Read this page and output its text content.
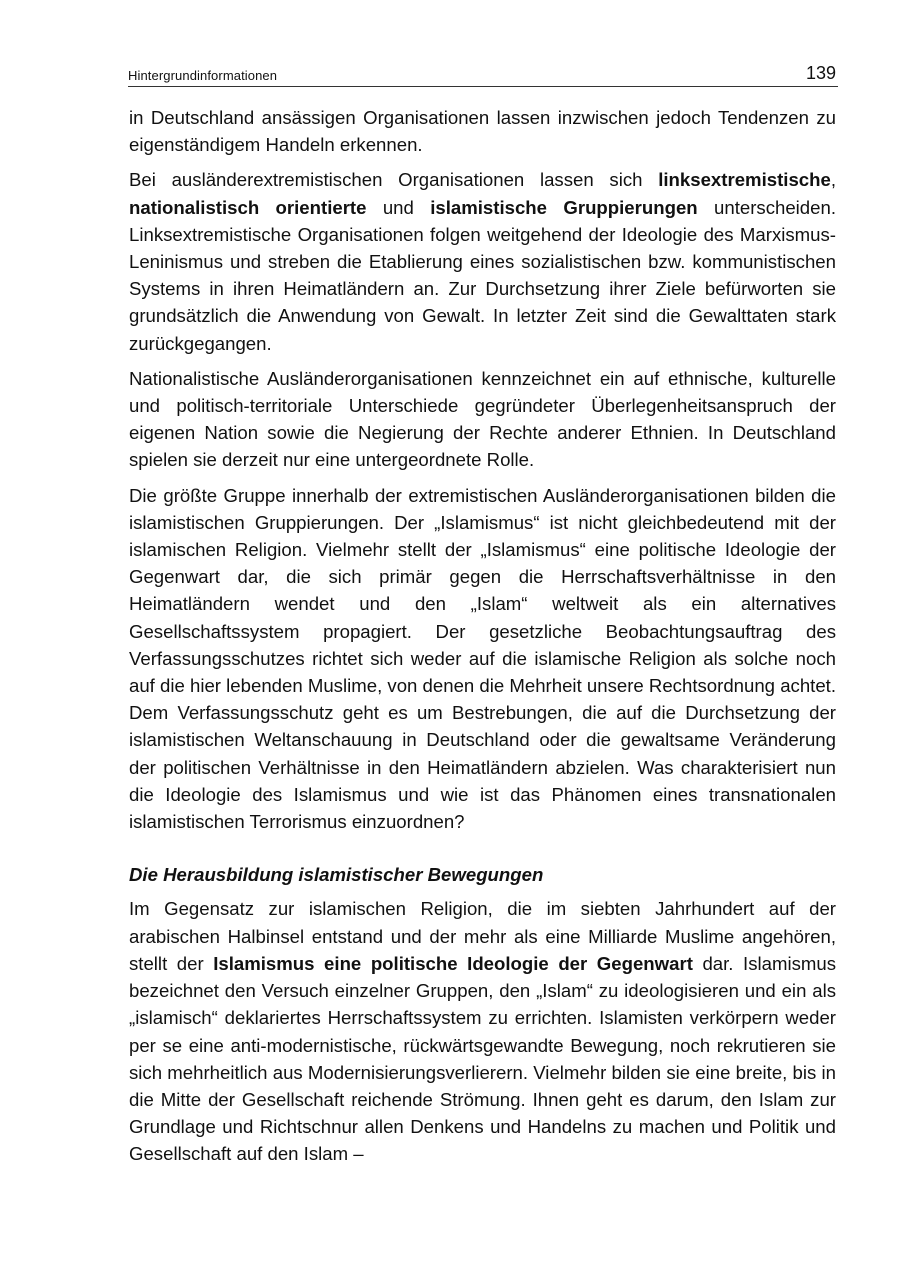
Hintergrundinformationen	139

in Deutschland ansässigen Organisationen lassen inzwischen jedoch Tendenzen zu eigenständigem Handeln erkennen.

Bei ausländerextremistischen Organisationen lassen sich linksextremistische, nationalistisch orientierte und islamistische Gruppierungen unterscheiden. Linksextremistische Organisationen folgen weitgehend der Ideologie des Marxismus-Leninismus und streben die Etablierung eines sozialistischen bzw. kommunistischen Systems in ihren Heimatländern an. Zur Durchsetzung ihrer Ziele befürworten sie grundsätzlich die Anwendung von Gewalt. In letzter Zeit sind die Gewalttaten stark zurückgegangen.

Nationalistische Ausländerorganisationen kennzeichnet ein auf ethnische, kulturelle und politisch-territoriale Unterschiede gegründeter Überlegenheitsanspruch der eigenen Nation sowie die Negierung der Rechte anderer Ethnien. In Deutschland spielen sie derzeit nur eine untergeordnete Rolle.

Die größte Gruppe innerhalb der extremistischen Ausländerorganisationen bilden die islamistischen Gruppierungen. Der „Islamismus“ ist nicht gleichbedeutend mit der islamischen Religion. Vielmehr stellt der „Islamismus“ eine politische Ideologie der Gegenwart dar, die sich primär gegen die Herrschaftsverhältnisse in den Heimatländern wendet und den „Islam“ weltweit als ein alternatives Gesellschaftssystem propagiert. Der gesetzliche Beobachtungsauftrag des Verfassungsschutzes richtet sich weder auf die islamische Religion als solche noch auf die hier lebenden Muslime, von denen die Mehrheit unsere Rechtsordnung achtet. Dem Verfassungsschutz geht es um Bestrebungen, die auf die Durchsetzung der islamistischen Weltanschauung in Deutschland oder die gewaltsame Veränderung der politischen Verhältnisse in den Heimatländern abzielen. Was charakterisiert nun die Ideologie des Islamismus und wie ist das Phänomen eines transnationalen islamistischen Terrorismus einzuordnen?

Die Herausbildung islamistischer Bewegungen

Im Gegensatz zur islamischen Religion, die im siebten Jahrhundert auf der arabischen Halbinsel entstand und der mehr als eine Milliarde Muslime angehören, stellt der Islamismus eine politische Ideologie der Gegenwart dar. Islamismus bezeichnet den Versuch einzelner Gruppen, den „Islam“ zu ideologisieren und ein als „islamisch“ deklariertes Herrschaftssystem zu errichten. Islamisten verkörpern weder per se eine anti-modernistische, rückwärtsgewandte Bewegung, noch rekrutieren sie sich mehrheitlich aus Modernisierungsverlierern. Vielmehr bilden sie eine breite, bis in die Mitte der Gesellschaft reichende Strömung. Ihnen geht es darum, den Islam zur Grundlage und Richtschnur allen Denkens und Handelns zu machen und Politik und Gesellschaft auf den Islam –
